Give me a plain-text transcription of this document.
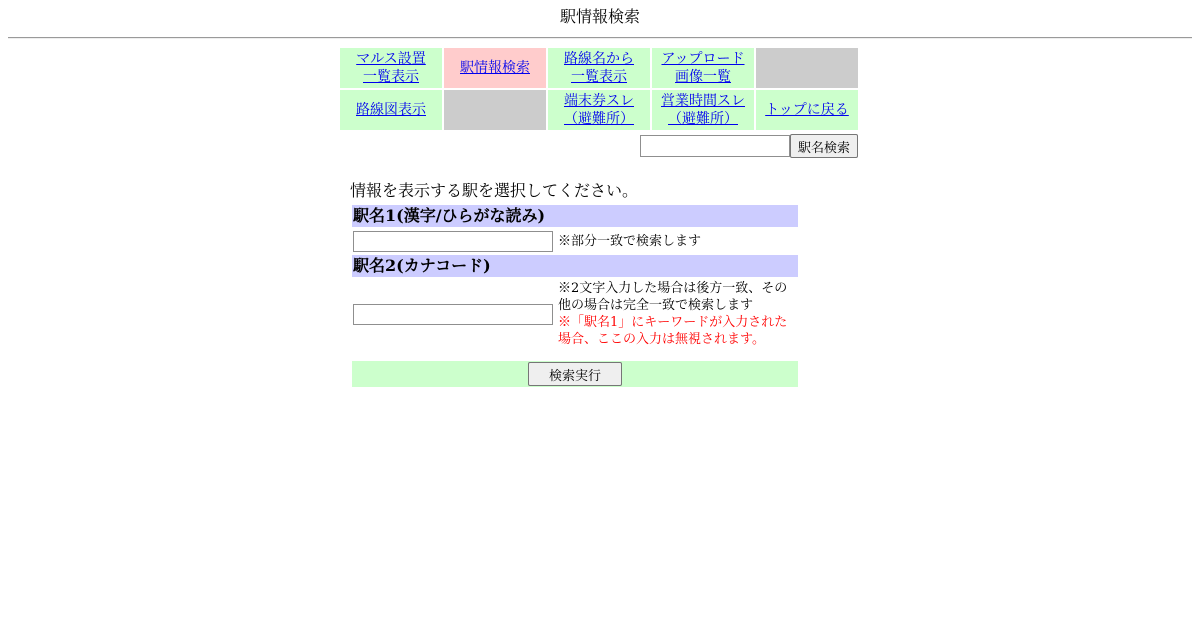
駅情報検索
マルス設置
一覧表示
駅情報検索
路線名から
一覧表示
アップロード
画像一覧
路線図表示
端末券スレ
（避難所）
営業時間スレ
（避難所）
トップに戻る
駅名検索
情報を表示する駅を選択してください。
駅名1(漢字/ひらがな読み)
※部分一致で検索します
駅名2(カナコード)
※2文字入力した場合は後方一致、その他の場合は完全一致で検索します
※「駅名1」にキーワードが入力された場合、ここの入力は無視されます。
検索実行
